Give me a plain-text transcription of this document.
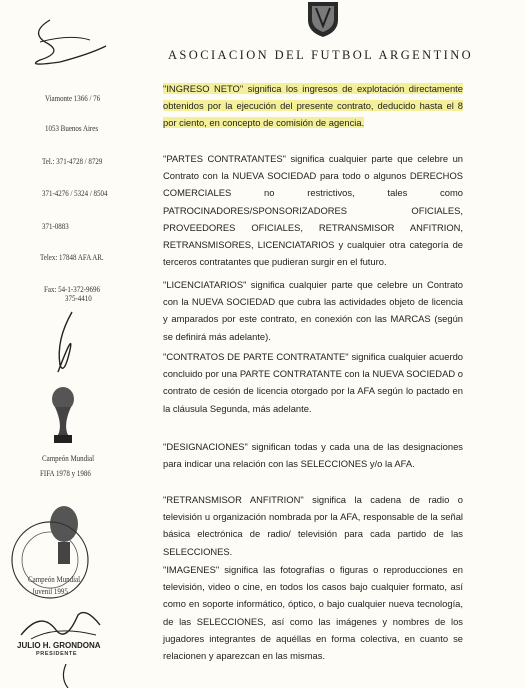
ASOCIACION DEL FUTBOL ARGENTINO
Viamonte 1366 / 76
1053 Buenos Aires
Tel.: 371-4728 / 8729
371-4276 / 5324 / 8504
371-0883
Telex: 17848 AFA AR.
Fax: 54-1-372-9696
375-4410
Campeón Mundial
FIFA 1978 y 1986
Campeón Mundial
Juvenil 1995
JULIO H. GRONDONA
PRESIDENTE
"INGRESO NETO" significa los ingresos de explotación directamente obtenidos por la ejecución del presente contrato, deducido hasta el 8 por ciento, en concepto de comisión de agencia.
"PARTES CONTRATANTES" significa cualquier parte que celebre un Contrato con la NUEVA SOCIEDAD para todo o algunos DERECHOS COMERCIALES no restrictivos, tales como PATROCINADORES/SPONSORIZADORES OFICIALES, PROVEEDORES OFICIALES, RETRANSMISOR ANFITRION, RETRANSMISORES, LICENCIATARIOS y cualquier otra categoría de terceros contratantes que pudieran surgir en el futuro.
"LICENCIATARIOS" significa cualquier parte que celebre un Contrato con la NUEVA SOCIEDAD que cubra las actividades objeto de licencia y amparados por este contrato, en conexión con las MARCAS (según se definirá más adelante).
"CONTRATOS DE PARTE CONTRATANTE" significa cualquier acuerdo concluido por una PARTE CONTRATANTE con la NUEVA SOCIEDAD o contrato de cesión de licencia otorgado por la AFA según lo pactado en la cláusula Segunda, más adelante.
"DESIGNACIONES" significan todas y cada una de las designaciones para indicar una relación con las SELECCIONES y/o la AFA.
"RETRANSMISOR ANFITRION" significa la cadena de radio o televisión u organización nombrada por la AFA, responsable de la señal básica electrónica de radio/ televisión para cada partido de las SELECCIONES.
"IMAGENES" significa las fotografías o figuras o reproducciones en televisión, video o cine, en todos los casos bajo cualquier formato, así como en soporte informático, óptico, o bajo cualquier nueva tecnología, de las SELECCIONES, así como las imágenes y nombres de los jugadores integrantes de aquéllas en forma colectiva, en cuanto se relacionen y aparezcan en las mismas.
